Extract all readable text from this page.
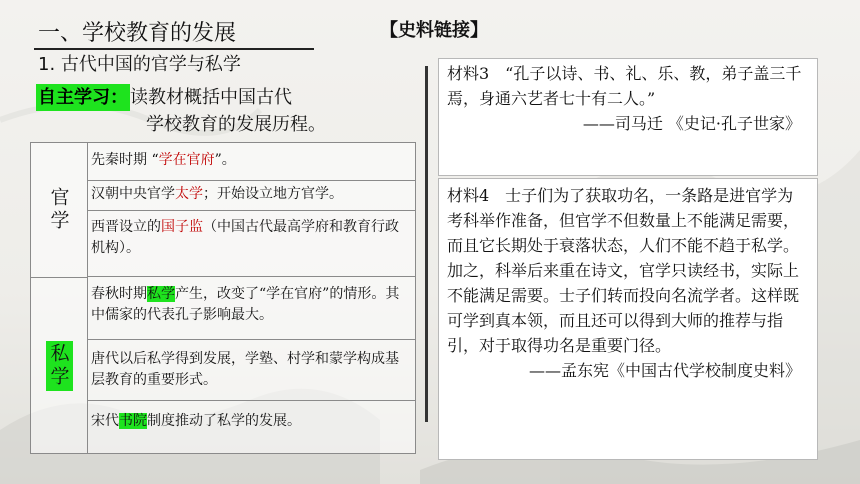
一、学校教育的发展
1. 古代中国的官学与私学
【史料链接】
自主学习： 读教材概括中国古代
学校教育的发展历程。
官学
私学
先秦时期 “学在官府”。
汉朝中央官学太学；开始设立地方官学。
西晋设立的国子监（中国古代最高学府和教育行政机构）。
春秋时期私学产生，改变了“学在官府”的情形。其中儒家的代表孔子影响最大。
唐代以后私学得到发展，学塾、村学和蒙学构成基层教育的重要形式。
宋代书院制度推动了私学的发展。
材料3　“孔子以诗、书、礼、乐、教，弟子盖三千焉，身通六艺者七十有二人。”
——司马迁 《史记·孔子世家》
材料4　士子们为了获取功名，一条路是进官学为考科举作准备，但官学不但数量上不能满足需要，而且它长期处于衰落状态，人们不能不趋于私学。加之，科举后来重在诗文，官学只读经书，实际上不能满足需要。士子们转而投向名流学者。这样既可学到真本领，而且还可以得到大师的推荐与指引，对于取得功名是重要门径。
——孟东宪《中国古代学校制度史料》
